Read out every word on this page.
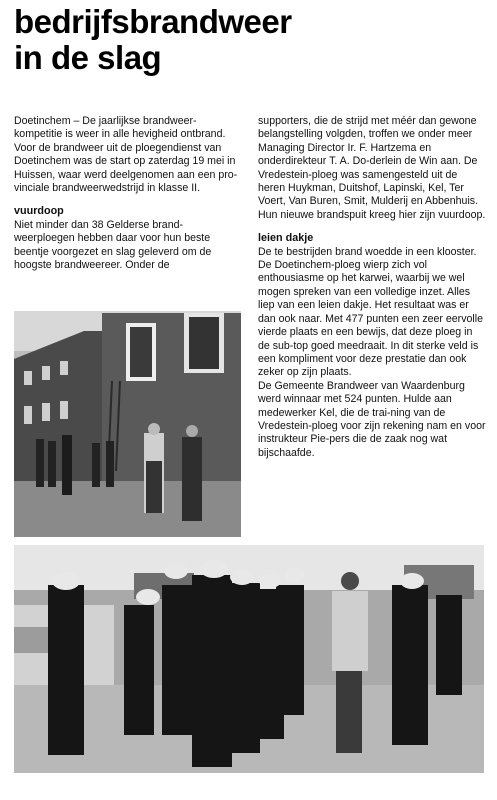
bedrijfsbrandweer
in de slag

Doetinchem – De jaarlijkse brandweer-kompetitie is weer in alle hevigheid ontbrand. Voor de brandweer uit de ploegendienst van Doetinchem was de start op zaterdag 19 mei in Huissen, waar werd deelgenomen aan een pro-vinciale brandweerwedstrijd in klasse II.

vuurdoop

Niet minder dan 38 Gelderse brand-weerploegen hebben daar voor hun beste beentje voorgezet en slag geleverd om de hoogste brandweereer. Onder de

supporters, die de strijd met méér dan gewone belangstelling volgden, troffen we onder meer Managing Director Ir. F. Hartzema en onderdirekteur T. A. Do-derlein de Win aan. De Vredestein-ploeg was samengesteld uit de heren Huykman, Duitshof, Lapinski, Kel, Ter Voert, Van Buren, Smit, Mulderij en Abbenhuis. Hun nieuwe brandspuit kreeg hier zijn vuurdoop.

leien dakje

De te bestrijden brand woedde in een klooster. De Doetinchem-ploeg wierp zich vol enthousiasme op het karwei, waarbij we wel mogen spreken van een volledige inzet. Alles liep van een leien dakje. Het resultaat was er dan ook naar. Met 477 punten een zeer eervolle vierde plaats en een bewijs, dat deze ploeg in de sub-top goed meedraait. In dit sterke veld is een kompliment voor deze prestatie dan ook zeker op zijn plaats.

De Gemeente Brandweer van Waardenburg werd winnaar met 524 punten. Hulde aan medewerker Kel, die de trai-ning van de Vredestein-ploeg voor zijn rekening nam en voor instrukteur Pie-pers die de zaak nog wat bijschaafde.
